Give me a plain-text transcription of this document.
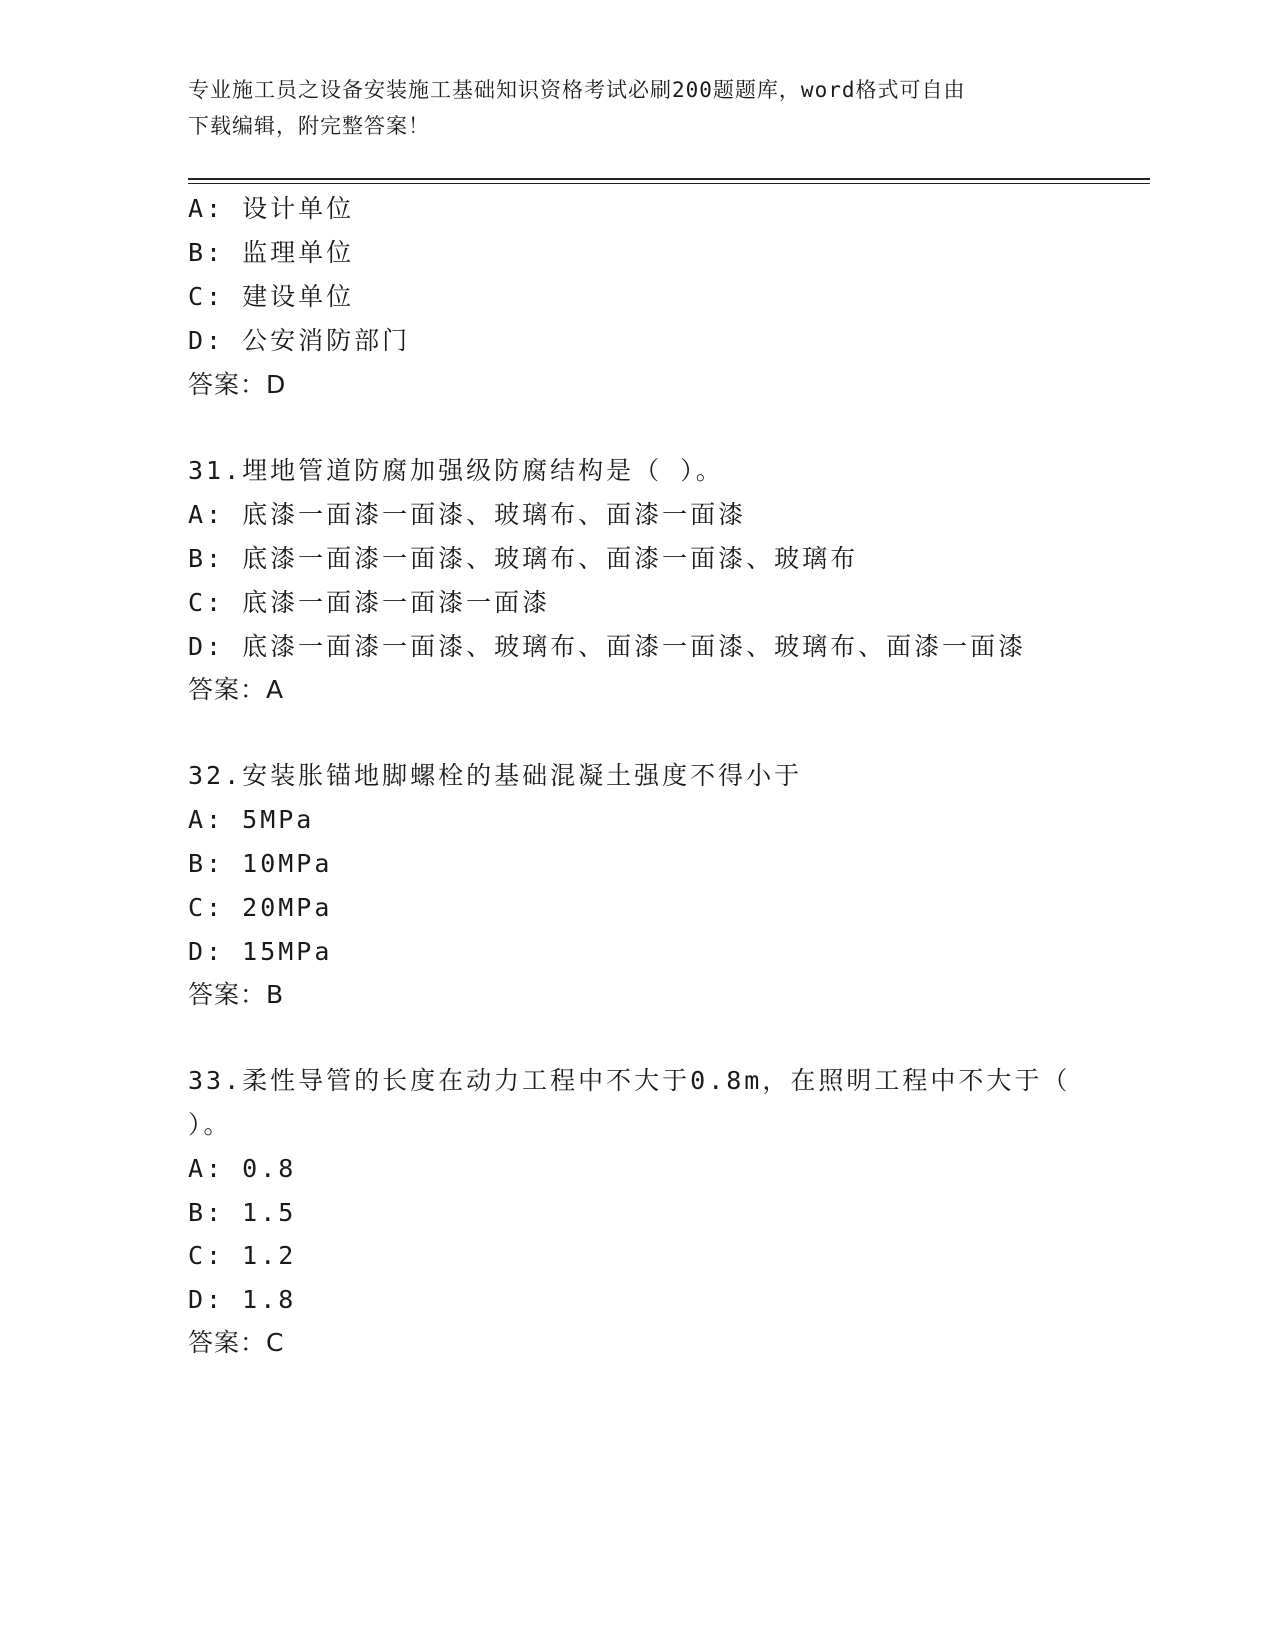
专业施工员之设备安装施工基础知识资格考试必刷200题题库，word格式可自由
下载编辑，附完整答案！
A: 设计单位
B: 监理单位
C: 建设单位
D: 公安消防部门
答案：D
31.埋地管道防腐加强级防腐结构是（ ）。
A: 底漆一面漆一面漆、玻璃布、面漆一面漆
B: 底漆一面漆一面漆、玻璃布、面漆一面漆、玻璃布
C: 底漆一面漆一面漆一面漆
D: 底漆一面漆一面漆、玻璃布、面漆一面漆、玻璃布、面漆一面漆
答案：A
32.安装胀锚地脚螺栓的基础混凝土强度不得小于
A: 5MPa
B: 10MPa
C: 20MPa
D: 15MPa
答案：B
33.柔性导管的长度在动力工程中不大于0.8m，在照明工程中不大于（
）。
A: 0.8
B: 1.5
C: 1.2
D: 1.8
答案：C
